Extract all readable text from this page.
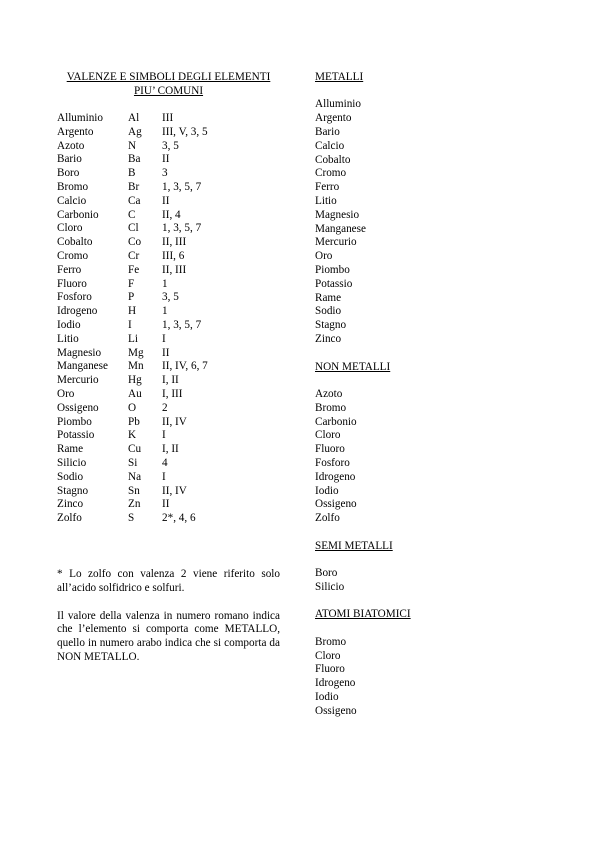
VALENZE E SIMBOLI DEGLI ELEMENTI
PIU’ COMUNI
Alluminio	Al	III
Argento	Ag	III, V, 3, 5
Azoto	N	3, 5
Bario	Ba	II
Boro	B	3
Bromo	Br	1, 3, 5, 7
Calcio	Ca	II
Carbonio	C	II, 4
Cloro	Cl	1, 3, 5, 7
Cobalto	Co	II, III
Cromo	Cr	III, 6
Ferro	Fe	II, III
Fluoro	F	1
Fosforo	P	3, 5
Idrogeno	H	1
Iodio	I	1, 3, 5, 7
Litio	Li	I
Magnesio	Mg	II
Manganese	Mn	II, IV, 6, 7
Mercurio	Hg	I, II
Oro	Au	I, III
Ossigeno	O	2
Piombo	Pb	II, IV
Potassio	K	I
Rame	Cu	I, II
Silicio	Si	4
Sodio	Na	I
Stagno	Sn	II, IV
Zinco	Zn	II
Zolfo	S	2*, 4, 6

* Lo zolfo con valenza 2 viene riferito solo all’acido solfidrico e solfuri.

Il valore della valenza in numero romano indica che l’elemento si comporta come METALLO, quello in numero arabo indica che si comporta da NON METALLO.

METALLI
Alluminio
Argento
Bario
Calcio
Cobalto
Cromo
Ferro
Litio
Magnesio
Manganese
Mercurio
Oro
Piombo
Potassio
Rame
Sodio
Stagno
Zinco
NON METALLI
Azoto
Bromo
Carbonio
Cloro
Fluoro
Fosforo
Idrogeno
Iodio
Ossigeno
Zolfo
SEMI METALLI
Boro
Silicio
ATOMI BIATOMICI
Bromo
Cloro
Fluoro
Idrogeno
Iodio
Ossigeno
